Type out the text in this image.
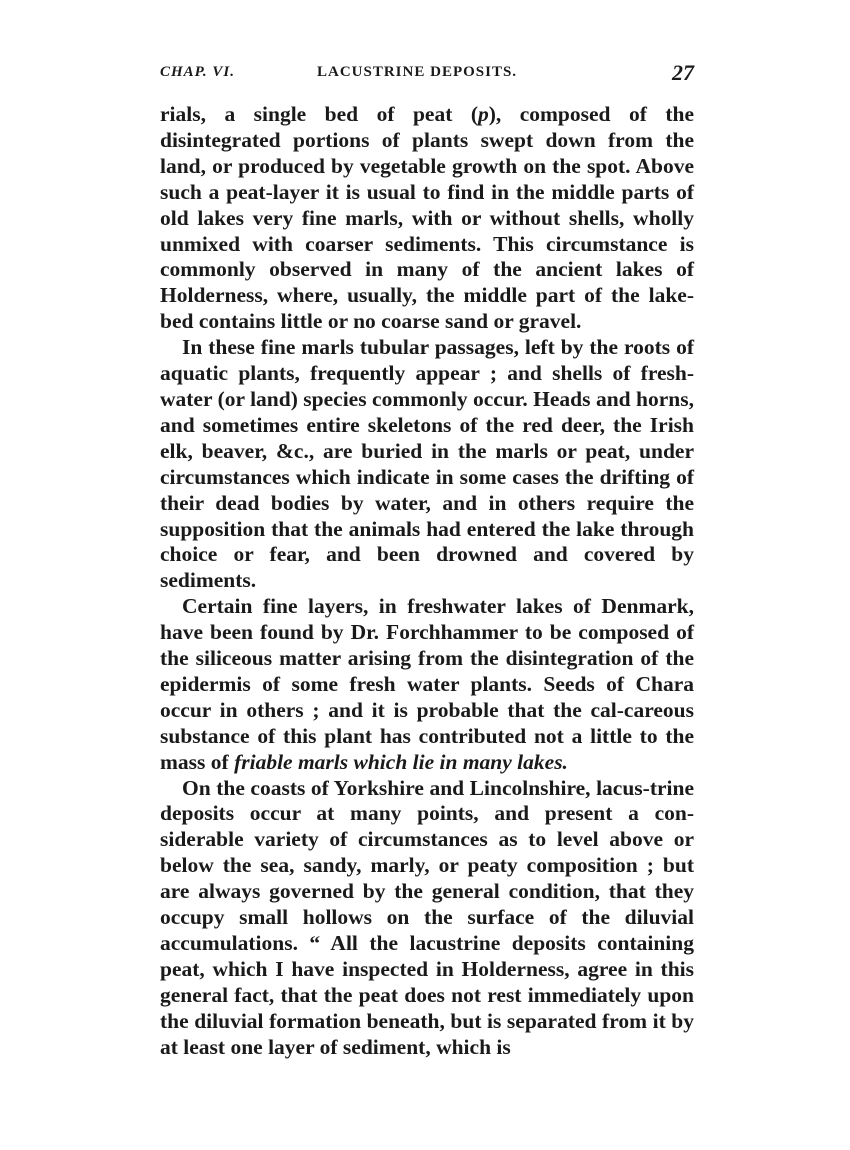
CHAP. VI.	LACUSTRINE DEPOSITS.	27

rials, a single bed of peat (p), composed of the disintegrated portions of plants swept down from the land, or produced by vegetable growth on the spot. Above such a peat-layer it is usual to find in the middle parts of old lakes very fine marls, with or without shells, wholly unmixed with coarser sediments. This circumstance is commonly observed in many of the ancient lakes of Holderness, where, usually, the middle part of the lake-bed contains little or no coarse sand or gravel.

In these fine marls tubular passages, left by the roots of aquatic plants, frequently appear ; and shells of fresh-water (or land) species commonly occur. Heads and horns, and sometimes entire skeletons of the red deer, the Irish elk, beaver, &c., are buried in the marls or peat, under circumstances which indicate in some cases the drifting of their dead bodies by water, and in others require the supposition that the animals had entered the lake through choice or fear, and been drowned and covered by sediments.

Certain fine layers, in freshwater lakes of Denmark, have been found by Dr. Forchhammer to be composed of the siliceous matter arising from the disintegration of the epidermis of some fresh water plants. Seeds of Chara occur in others ; and it is probable that the cal-careous substance of this plant has contributed not a little to the mass of friable marls which lie in many lakes.

On the coasts of Yorkshire and Lincolnshire, lacus-trine deposits occur at many points, and present a con-siderable variety of circumstances as to level above or below the sea, sandy, marly, or peaty composition ; but are always governed by the general condition, that they occupy small hollows on the surface of the diluvial accumulations. “ All the lacustrine deposits containing peat, which I have inspected in Holderness, agree in this general fact, that the peat does not rest immediately upon the diluvial formation beneath, but is separated from it by at least one layer of sediment, which is
